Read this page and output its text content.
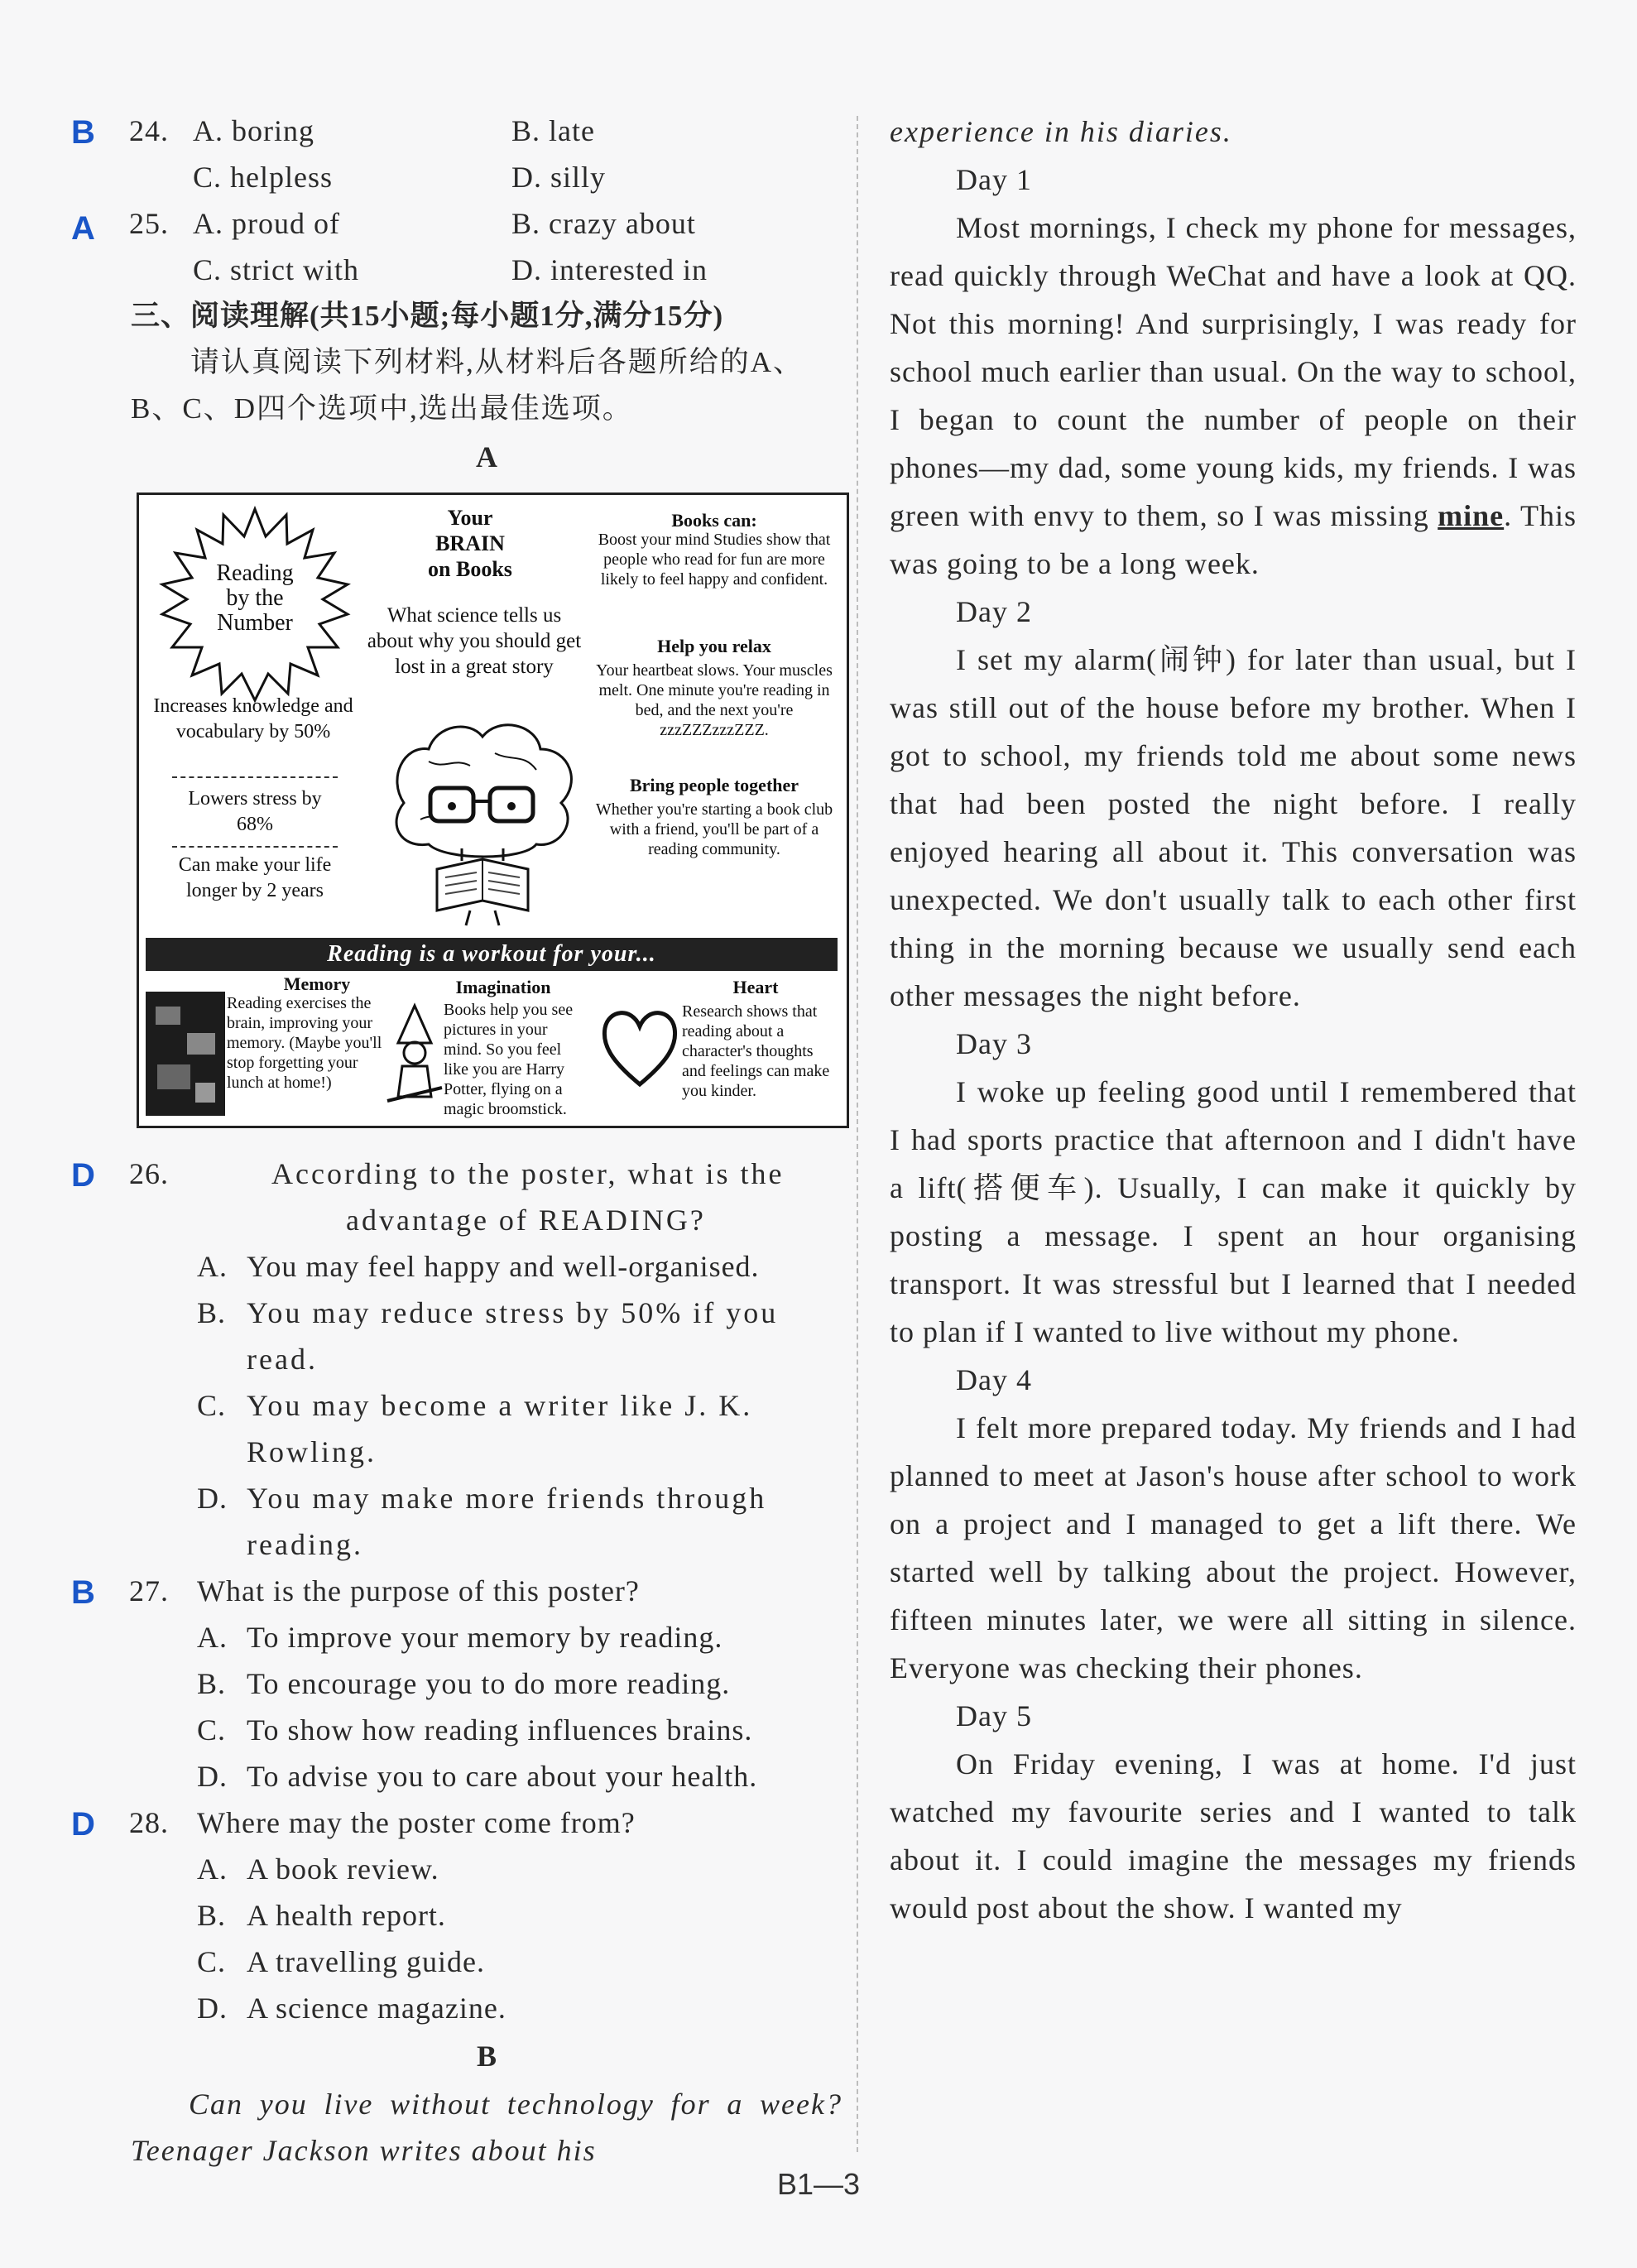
B 24. A. boring	B. late
C. helpless	D. silly
A 25. A. proud of	B. crazy about
C. strict with	D. interested in
三、阅读理解(共15小题;每小题1分,满分15分)
请认真阅读下列材料,从材料后各题所给的A、B、C、D四个选项中,选出最佳选项。
A
D 26.	According to the poster, what is the advantage of READING?
A. You may feel happy and well-organised.
B. You may reduce stress by 50% if you read.
C. You may become a writer like J. K. Rowling.
D. You may make more friends through reading.
B 27. What is the purpose of this poster?
A. To improve your memory by reading.
B. To encourage you to do more reading.
C. To show how reading influences brains.
D. To advise you to care about your health.
D 28. Where may the poster come from?
A. A book review.
B. A health report.
C. A travelling guide.
D. A science magazine.
B
Can you live without technology for a week? Teenager Jackson writes about his
Reading
by the
Number
Your
BRAIN
on Books
What science tells us about why you should get lost in a great story
Books can:
Boost your mind Studies show that people who read for fun are more likely to feel happy and confident.
Help you relax
Your heartbeat slows. Your muscles melt. One minute you're reading in bed, and the next you're zzzZZZzzzZZZ.
Bring people together
Whether you're starting a book club with a friend, you'll be part of a reading community.
Increases knowledge and vocabulary by 50%
Lowers stress by 68%
Can make your life longer by 2 years
Reading is a workout for your...
Memory
Reading exercises the brain, improving your memory. (Maybe you'll stop forgetting your lunch at home!)
Imagination
Books help you see pictures in your mind. So you feel like you are Harry Potter, flying on a magic broomstick.
Heart
Research shows that reading about a character's thoughts and feelings can make you kinder.
experience in his diaries.
Day 1

Most mornings, I check my phone for messages, read quickly through WeChat and have a look at QQ. Not this morning! And surprisingly, I was ready for school much earlier than usual. On the way to school, I began to count the number of people on their phones—my dad, some young kids, my friends. I was green with envy to them, so I was missing mine. This was going to be a long week.

Day 2

I set my alarm(闹钟) for later than usual, but I was still out of the house before my brother. When I got to school, my friends told me about some news that had been posted the night before. I really enjoyed hearing all about it. This conversation was unexpected. We don't usually talk to each other first thing in the morning because we usually send each other messages the night before.

Day 3

I woke up feeling good until I remembered that I had sports practice that afternoon and I didn't have a lift(搭便车). Usually, I can make it quickly by posting a message. I spent an hour organising transport. It was stressful but I learned that I needed to plan if I wanted to live without my phone.

Day 4

I felt more prepared today. My friends and I had planned to meet at Jason's house after school to work on a project and I managed to get a lift there. We started well by talking about the project. However, fifteen minutes later, we were all sitting in silence. Everyone was checking their phones.

Day 5

On Friday evening, I was at home. I'd just watched my favourite series and I wanted to talk about it. I could imagine the messages my friends would post about the show. I wanted my

B1—3
